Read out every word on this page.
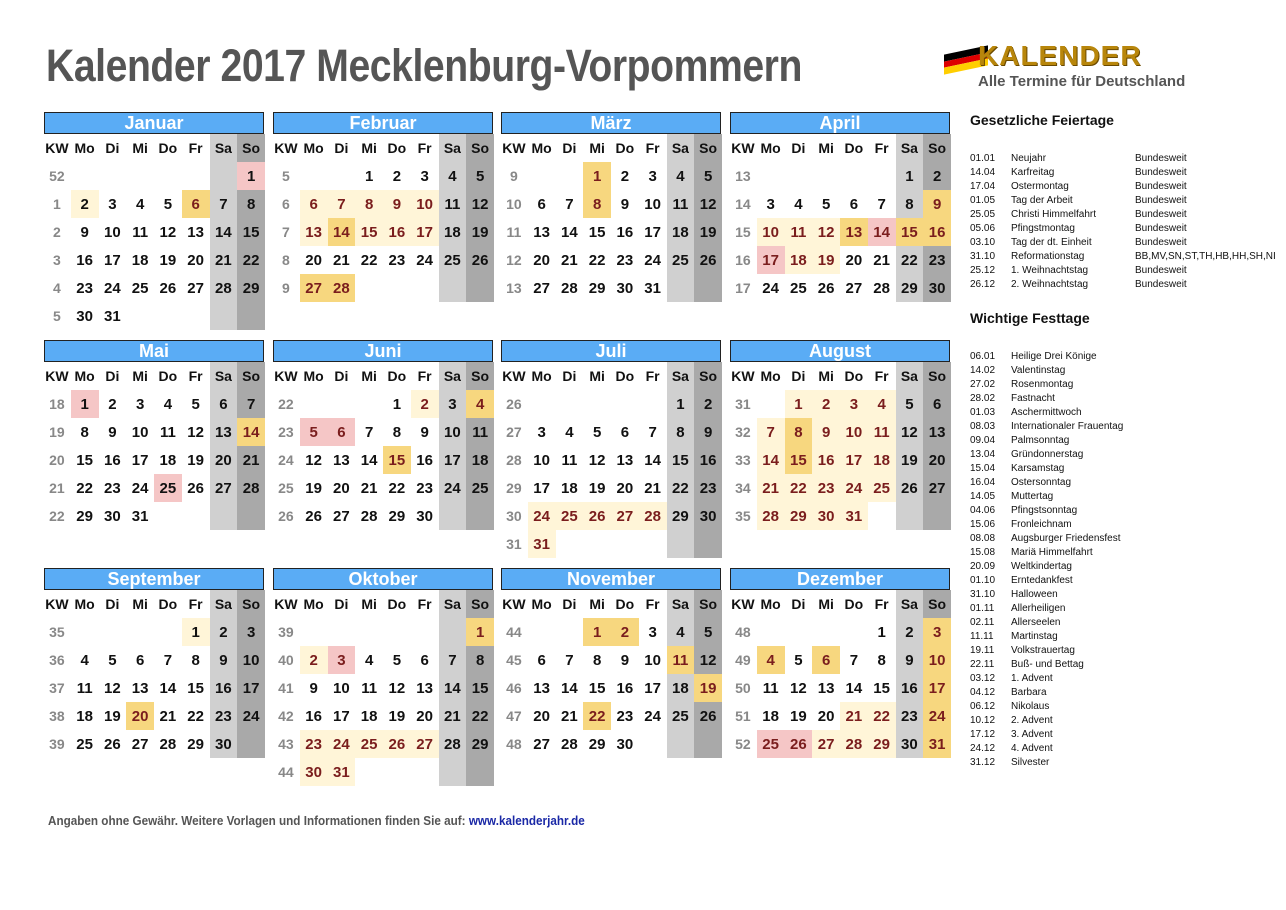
Kalender 2017 Mecklenburg-Vorpommern	KALENDER
Alle Termine für Deutschland
Januar
KW	Mo	Di	Mi	Do	Fr	Sa	So
52							1
1	2	3	4	5	6	7	8
2	9	10	11	12	13	14	15
3	16	17	18	19	20	21	22
4	23	24	25	26	27	28	29
5	30	31					
Februar
KW	Mo	Di	Mi	Do	Fr	Sa	So
5			1	2	3	4	5
6	6	7	8	9	10	11	12
7	13	14	15	16	17	18	19
8	20	21	22	23	24	25	26
9	27	28					
März
KW	Mo	Di	Mi	Do	Fr	Sa	So
9			1	2	3	4	5
10	6	7	8	9	10	11	12
11	13	14	15	16	17	18	19
12	20	21	22	23	24	25	26
13	27	28	29	30	31		
April
KW	Mo	Di	Mi	Do	Fr	Sa	So
13						1	2
14	3	4	5	6	7	8	9
15	10	11	12	13	14	15	16
16	17	18	19	20	21	22	23
17	24	25	26	27	28	29	30
Mai
KW	Mo	Di	Mi	Do	Fr	Sa	So
18	1	2	3	4	5	6	7
19	8	9	10	11	12	13	14
20	15	16	17	18	19	20	21
21	22	23	24	25	26	27	28
22	29	30	31				
Juni
KW	Mo	Di	Mi	Do	Fr	Sa	So
22				1	2	3	4
23	5	6	7	8	9	10	11
24	12	13	14	15	16	17	18
25	19	20	21	22	23	24	25
26	26	27	28	29	30		
Juli
KW	Mo	Di	Mi	Do	Fr	Sa	So
26						1	2
27	3	4	5	6	7	8	9
28	10	11	12	13	14	15	16
29	17	18	19	20	21	22	23
30	24	25	26	27	28	29	30
31	31						
August
KW	Mo	Di	Mi	Do	Fr	Sa	So
31		1	2	3	4	5	6
32	7	8	9	10	11	12	13
33	14	15	16	17	18	19	20
34	21	22	23	24	25	26	27
35	28	29	30	31			
September
KW	Mo	Di	Mi	Do	Fr	Sa	So
35					1	2	3
36	4	5	6	7	8	9	10
37	11	12	13	14	15	16	17
38	18	19	20	21	22	23	24
39	25	26	27	28	29	30	
Oktober
KW	Mo	Di	Mi	Do	Fr	Sa	So
39							1
40	2	3	4	5	6	7	8
41	9	10	11	12	13	14	15
42	16	17	18	19	20	21	22
43	23	24	25	26	27	28	29
44	30	31					
November
KW	Mo	Di	Mi	Do	Fr	Sa	So
44			1	2	3	4	5
45	6	7	8	9	10	11	12
46	13	14	15	16	17	18	19
47	20	21	22	23	24	25	26
48	27	28	29	30			
Dezember
KW	Mo	Di	Mi	Do	Fr	Sa	So
48					1	2	3
49	4	5	6	7	8	9	10
50	11	12	13	14	15	16	17
51	18	19	20	21	22	23	24
52	25	26	27	28	29	30	31
Gesetzliche Feiertage
01.01 Neujahr	Bundesweit
14.04 Karfreitag	Bundesweit
17.04 Ostermontag	Bundesweit
01.05 Tag der Arbeit	Bundesweit
25.05 Christi Himmelfahrt	Bundesweit
05.06 Pfingstmontag	Bundesweit
03.10 Tag der dt. Einheit	Bundesweit
31.10 Reformationstag	BB,MV,SN,ST,TH,HB,HH,SH,NI
25.12 1. Weihnachtstag	Bundesweit
26.12 2. Weihnachtstag	Bundesweit
Wichtige Festtage
06.01 Heilige Drei Könige
14.02 Valentinstag
27.02 Rosenmontag
28.02 Fastnacht
01.03 Aschermittwoch
08.03 Internationaler Frauentag
09.04 Palmsonntag
13.04 Gründonnerstag
15.04 Karsamstag
16.04 Ostersonntag
14.05 Muttertag
04.06 Pfingstsonntag
15.06 Fronleichnam
08.08 Augsburger Friedensfest
15.08 Mariä Himmelfahrt
20.09 Weltkindertag
01.10 Erntedankfest
31.10 Halloween
01.11 Allerheiligen
02.11 Allerseelen
11.11 Martinstag
19.11 Volkstrauertag
22.11 Buß- und Bettag
03.12 1. Advent
04.12 Barbara
06.12 Nikolaus
10.12 2. Advent
17.12 3. Advent
24.12 4. Advent
31.12 Silvester
Angaben ohne Gewähr. Weitere Vorlagen und Informationen finden Sie auf: www.kalenderjahr.de
